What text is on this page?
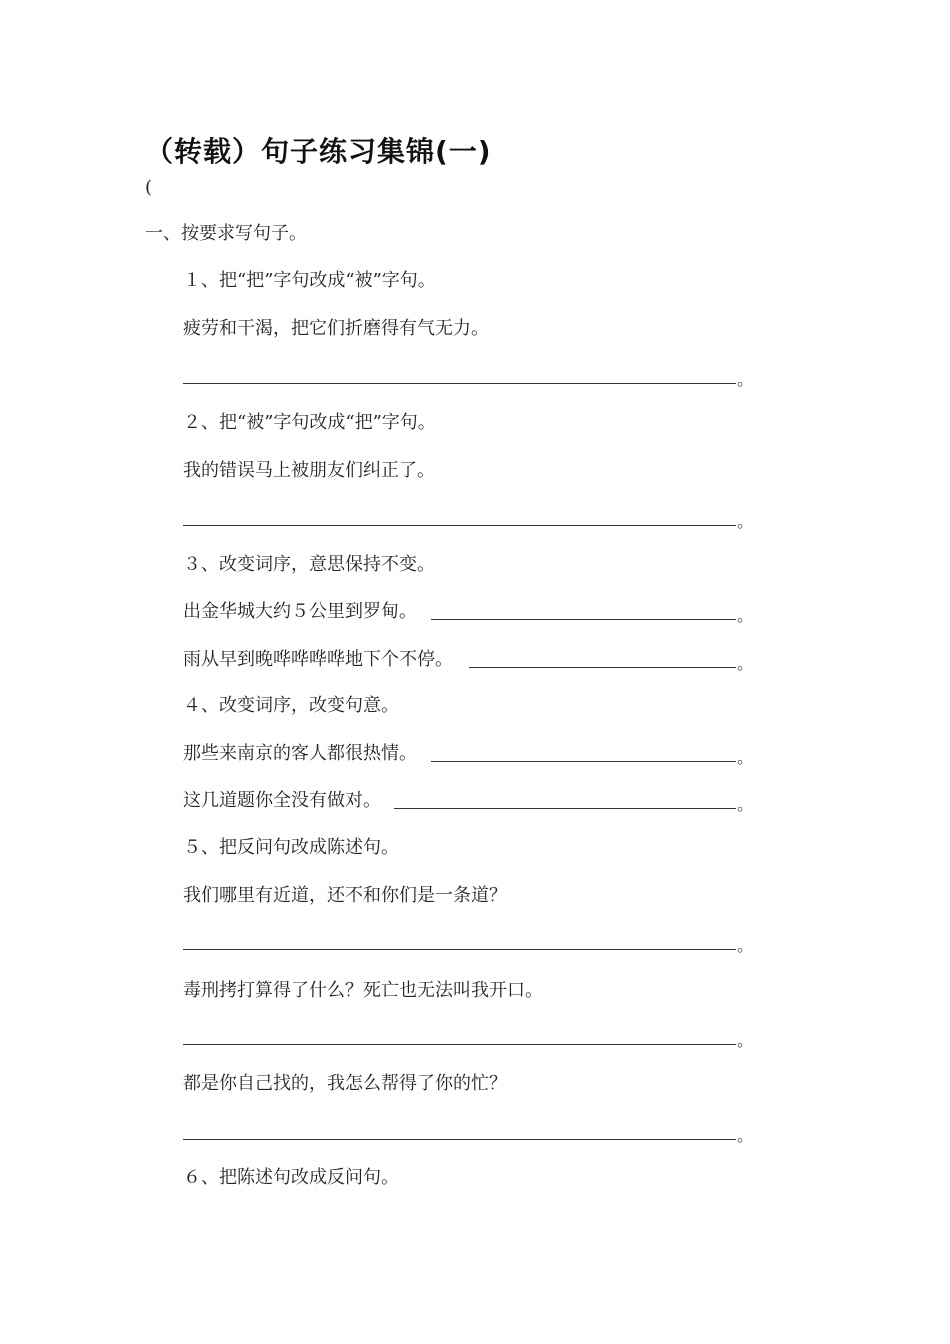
（转载）句子练习集锦(一)
(
一、按要求写句子。
１、把“把”字句改成“被”字句。
疲劳和干渴，把它们折磨得有气无力。
。
２、把“被”字句改成“把”字句。
我的错误马上被朋友们纠正了。
。
３、改变词序，意思保持不变。
出金华城大约５公里到罗甸。	。
雨从早到晚哗哗哗哗地下个不停。	。
４、改变词序，改变句意。
那些来南京的客人都很热情。	。
这几道题你全没有做对。	。
５、把反问句改成陈述句。
我们哪里有近道，还不和你们是一条道？
。
毒刑拷打算得了什么？死亡也无法叫我开口。
。
都是你自己找的，我怎么帮得了你的忙？
。
６、把陈述句改成反问句。
